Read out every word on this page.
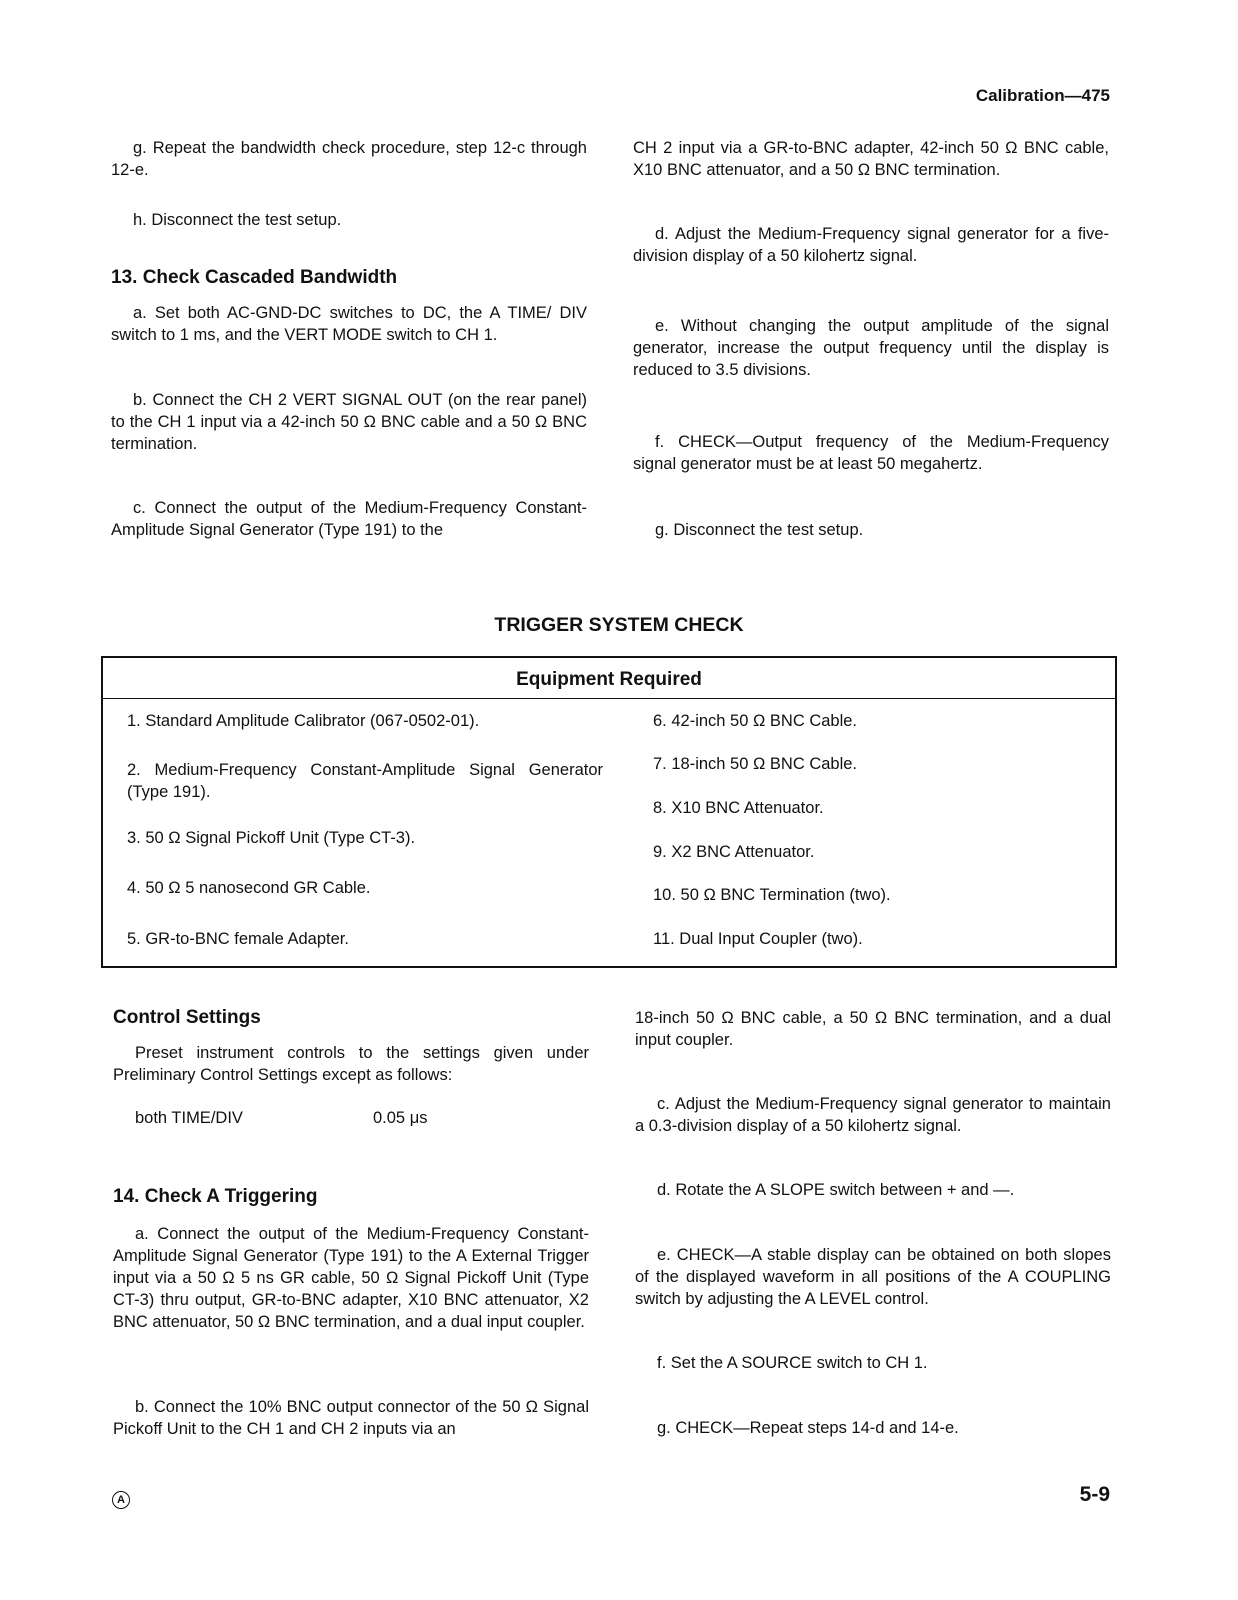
Calibration—475

g. Repeat the bandwidth check procedure, step 12-c through 12-e.

h. Disconnect the test setup.

13. Check Cascaded Bandwidth

a. Set both AC-GND-DC switches to DC, the A TIME/ DIV switch to 1 ms, and the VERT MODE switch to CH 1.

b. Connect the CH 2 VERT SIGNAL OUT (on the rear panel) to the CH 1 input via a 42-inch 50 Ω BNC cable and a 50 Ω BNC termination.

c. Connect the output of the Medium-Frequency Constant-Amplitude Signal Generator (Type 191) to the

CH 2 input via a GR-to-BNC adapter, 42-inch 50 Ω BNC cable, X10 BNC attenuator, and a 50 Ω BNC termination.

d. Adjust the Medium-Frequency signal generator for a five-division display of a 50 kilohertz signal.

e. Without changing the output amplitude of the signal generator, increase the output frequency until the display is reduced to 3.5 divisions.

f. CHECK—Output frequency of the Medium-Frequency signal generator must be at least 50 megahertz.

g. Disconnect the test setup.

TRIGGER SYSTEM CHECK
Equipment Required
1. Standard Amplitude Calibrator (067-0502-01).
2. Medium-Frequency Constant-Amplitude Signal Generator (Type 191).
3. 50 Ω Signal Pickoff Unit (Type CT-3).
4. 50 Ω 5 nanosecond GR Cable.
5. GR-to-BNC female Adapter.
6. 42-inch 50 Ω BNC Cable.
7. 18-inch 50 Ω BNC Cable.
8. X10 BNC Attenuator.
9. X2 BNC Attenuator.
10. 50 Ω BNC Termination (two).
11. Dual Input Coupler (two).
Control Settings

Preset instrument controls to the settings given under Preliminary Control Settings except as follows:

both TIME/DIV	0.05 μs
14. Check A Triggering

a. Connect the output of the Medium-Frequency Constant-Amplitude Signal Generator (Type 191) to the A External Trigger input via a 50 Ω 5 ns GR cable, 50 Ω Signal Pickoff Unit (Type CT-3) thru output, GR-to-BNC adapter, X10 BNC attenuator, X2 BNC attenuator, 50 Ω BNC termination, and a dual input coupler.

b. Connect the 10% BNC output connector of the 50 Ω Signal Pickoff Unit to the CH 1 and CH 2 inputs via an

18-inch 50 Ω BNC cable, a 50 Ω BNC termination, and a dual input coupler.

c. Adjust the Medium-Frequency signal generator to maintain a 0.3-division display of a 50 kilohertz signal.

d. Rotate the A SLOPE switch between + and —.

e. CHECK—A stable display can be obtained on both slopes of the displayed waveform in all positions of the A COUPLING switch by adjusting the A LEVEL control.

f. Set the A SOURCE switch to CH 1.

g. CHECK—Repeat steps 14-d and 14-e.

A	5-9
